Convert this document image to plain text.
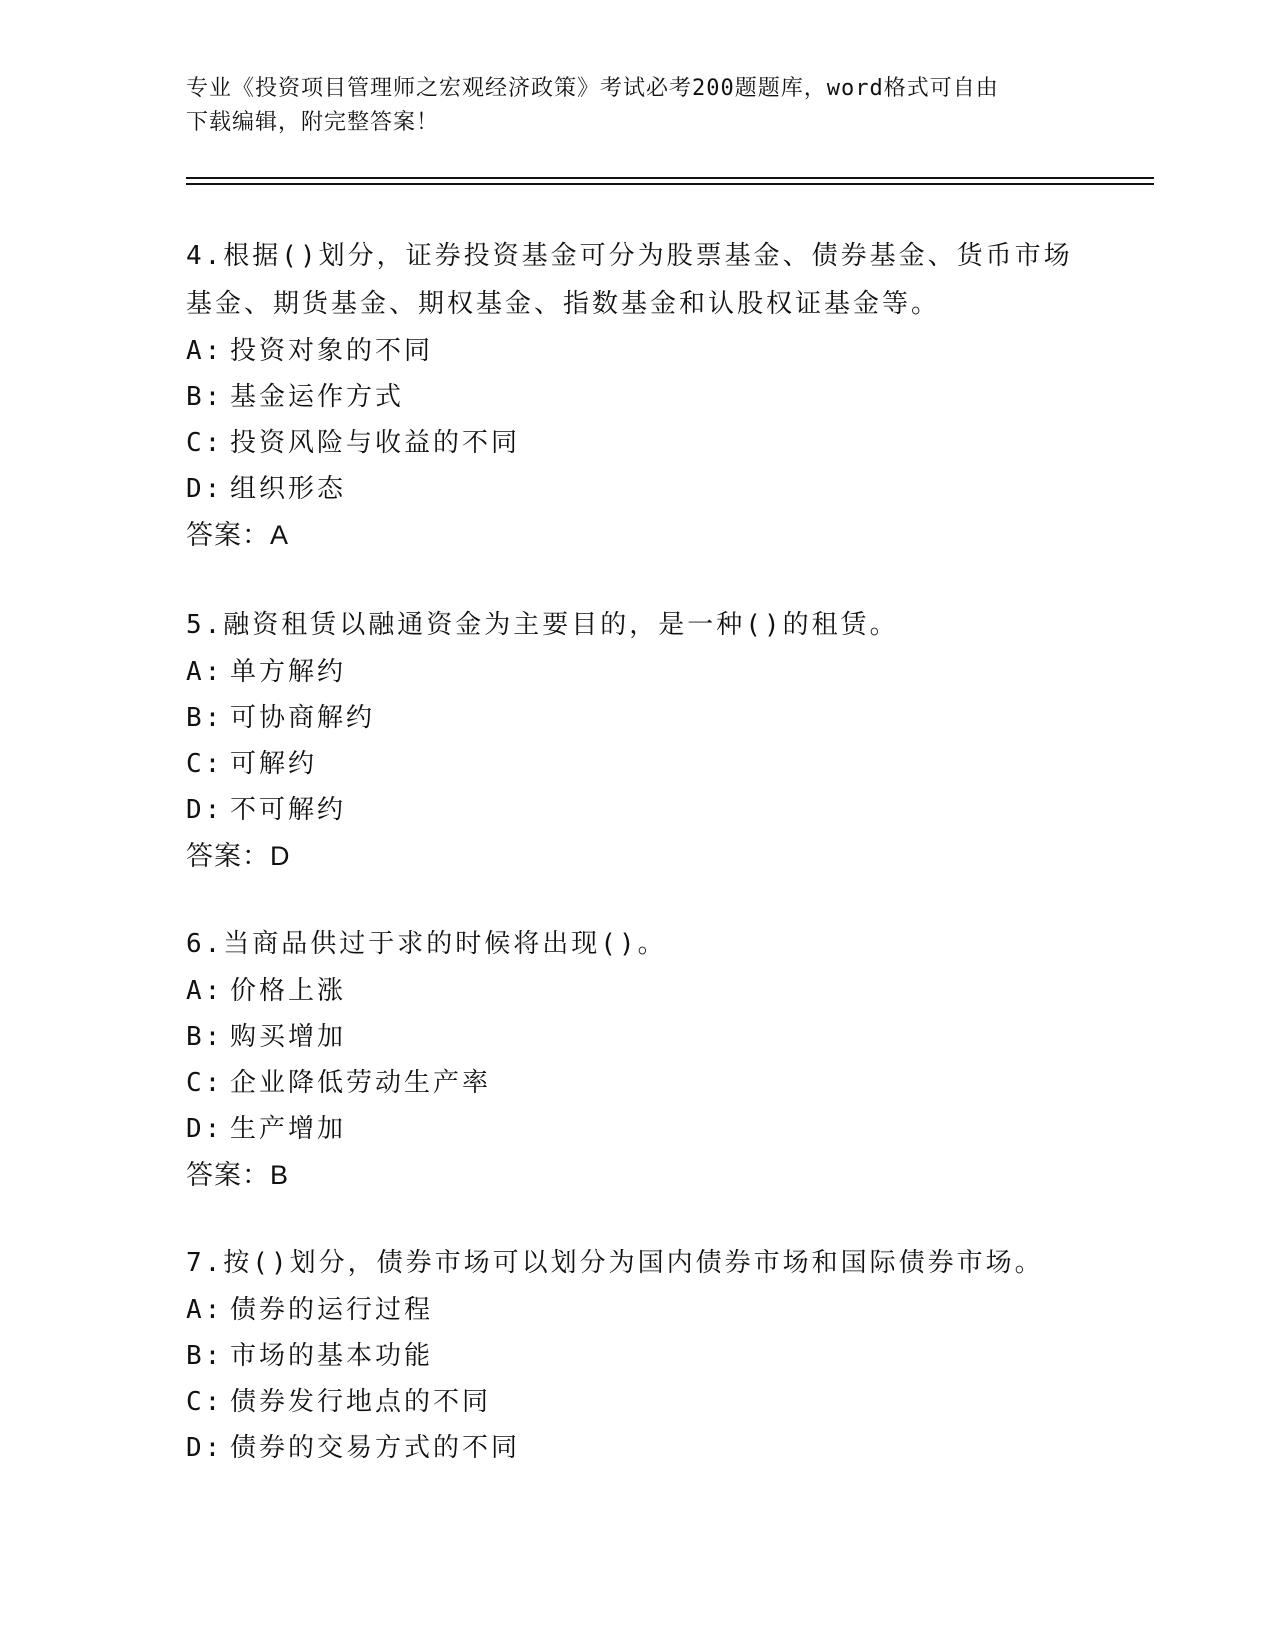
专业《投资项目管理师之宏观经济政策》考试必考200题题库，word格式可自由
下载编辑，附完整答案！

4.根据()划分，证券投资基金可分为股票基金、债券基金、货币市场

基金、期货基金、期权基金、指数基金和认股权证基金等。

A: 投资对象的不同

B: 基金运作方式

C: 投资风险与收益的不同

D: 组织形态

答案：A

5.融资租赁以融通资金为主要目的，是一种()的租赁。

A: 单方解约

B: 可协商解约

C: 可解约

D: 不可解约

答案：D

6.当商品供过于求的时候将出现()。

A: 价格上涨

B: 购买增加

C: 企业降低劳动生产率

D: 生产增加

答案：B

7.按()划分，债券市场可以划分为国内债券市场和国际债券市场。

A: 债券的运行过程

B: 市场的基本功能

C: 债券发行地点的不同

D: 债券的交易方式的不同
